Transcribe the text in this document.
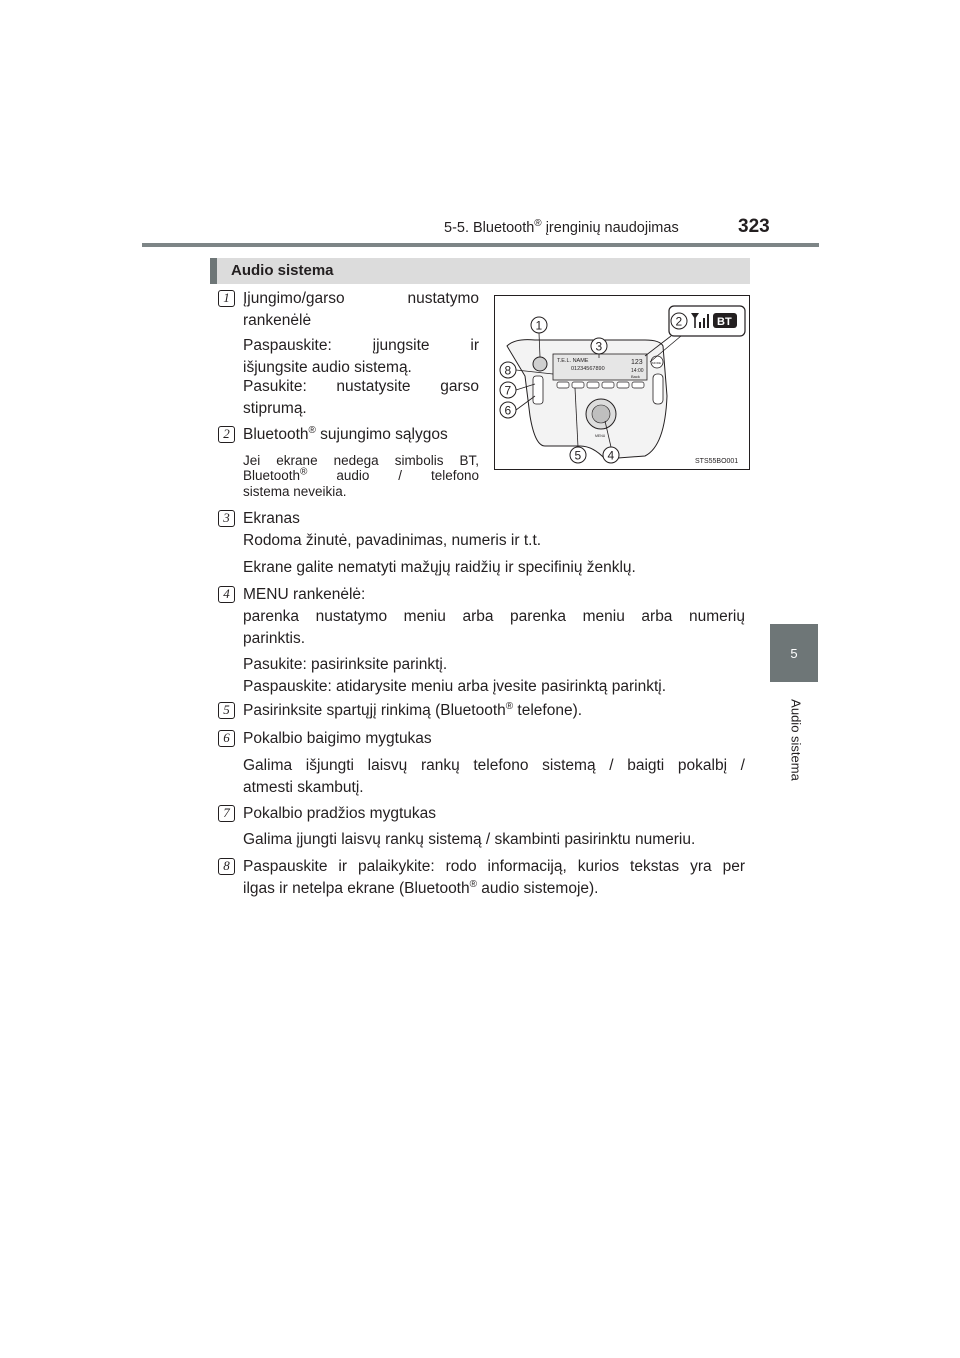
5-5. Bluetooth® įrenginių naudojimas	323
5
Audio sistema
Audio sistema
1 Įjungimo/garso nustatymo
rankenėlė
Paspauskite: įjungsite ir
išjungsite audio sistemą.
Pasukite: nustatysite garso
stiprumą.
2 Bluetooth® sujungimo sąlygos
Jei ekrane nedega simbolis BT,
Bluetooth® audio / telefono
sistema neveikia.
T.E.L. NAME
01234567890
123
14:00
Back
MODE
MENU
BT
1	2
3
4
5
6
7
8
STS55BO001
3 Ekranas
Rodoma žinutė, pavadinimas, numeris ir t.t.
Ekrane galite nematyti mažųjų raidžių ir specifinių ženklų.
4 MENU rankenėlė:
parenka nustatymo meniu arba parenka meniu arba numerių
parinktis.
Pasukite: pasirinksite parinktį.
Paspauskite: atidarysite meniu arba įvesite pasirinktą parinktį.
5 Pasirinksite spartųjį rinkimą (Bluetooth® telefone).
6 Pokalbio baigimo mygtukas
Galima išjungti laisvų rankų telefono sistemą / baigti pokalbį /
atmesti skambutį.
7 Pokalbio pradžios mygtukas
Galima įjungti laisvų rankų sistemą / skambinti pasirinktu numeriu.
8 Paspauskite ir palaikykite: rodo informaciją, kurios tekstas yra per
ilgas ir netelpa ekrane (Bluetooth® audio sistemoje).
